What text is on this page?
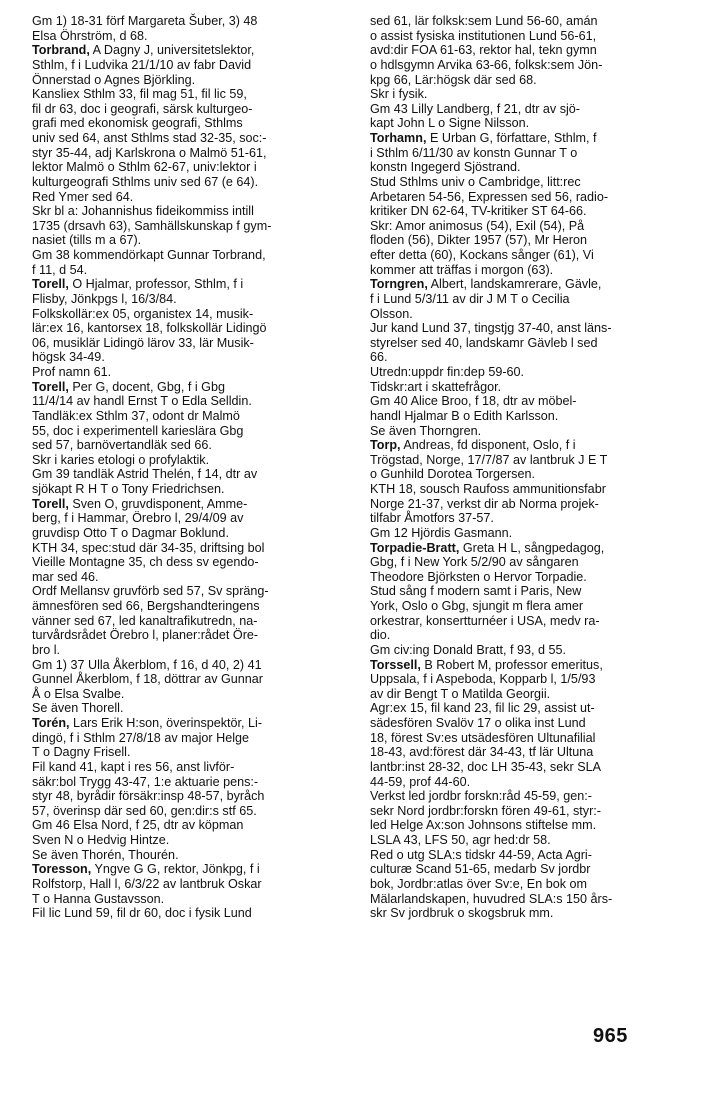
Gm 1) 18-31 förf Margareta Šuber, 3) 48
Elsa Öhrström, d 68.
Torbrand, A Dagny J, universitetslektor,
Sthlm, f i Ludvika 21/1/10 av fabr David
Önnerstad o Agnes Björkling.
Kansliex Sthlm 33, fil mag 51, fil lic 59,
fil dr 63, doc i geografi, särsk kulturgeo-
grafi med ekonomisk geografi, Sthlms
univ sed 64, anst Sthlms stad 32-35, soc:-
styr 35-44, adj Karlskrona o Malmö 51-61,
lektor Malmö o Sthlm 62-67, univ:lektor i
kulturgeografi Sthlms univ sed 67 (e 64).
Red Ymer sed 64.
Skr bl a: Johannishus fideikommiss intill
1735 (drsavh 63), Samhällskunskap f gym-
nasiet (tills m a 67).
Gm 38 kommendörkapt Gunnar Torbrand,
f 11, d 54.
Torell, O Hjalmar, professor, Sthlm, f i
Flisby, Jönkpgs l, 16/3/84.
Folkskollär:ex 05, organistex 14, musik-
lär:ex 16, kantorsex 18, folkskollär Lidingö
06, musiklär Lidingö lärov 33, lär Musik-
högsk 34-49.
Prof namn 61.
Torell, Per G, docent, Gbg, f i Gbg
11/4/14 av handl Ernst T o Edla Selldin.
Tandläk:ex Sthlm 37, odont dr Malmö
55, doc i experimentell karieslära Gbg
sed 57, barnövertandläk sed 66.
Skr i karies etologi o profylaktik.
Gm 39 tandläk Astrid Thelén, f 14, dtr av
sjökapt R H T o Tony Friedrichsen.
Torell, Sven O, gruvdisponent, Amme-
berg, f i Hammar, Örebro l, 29/4/09 av
gruvdisp Otto T o Dagmar Boklund.
KTH 34, spec:stud där 34-35, driftsing bol
Vieille Montagne 35, ch dess sv egendo-
mar sed 46.
Ordf Mellansv gruvförb sed 57, Sv spräng-
ämnesfören sed 66, Bergshandteringens
vänner sed 67, led kanaltrafikutredn, na-
turvårdsrådet Örebro l, planer:rådet Öre-
bro l.
Gm 1) 37 Ulla Åkerblom, f 16, d 40, 2) 41
Gunnel Åkerblom, f 18, döttrar av Gunnar
Å o Elsa Svalbe.
Se även Thorell.
Torén, Lars Erik H:son, överinspektör, Li-
dingö, f i Sthlm 27/8/18 av major Helge
T o Dagny Frisell.
Fil kand 41, kapt i res 56, anst livför-
säkr:bol Trygg 43-47, 1:e aktuarie pens:-
styr 48, byrådir försäkr:insp 48-57, byråch
57, överinsp där sed 60, gen:dir:s stf 65.
Gm 46 Elsa Nord, f 25, dtr av köpman
Sven N o Hedvig Hintze.
Se även Thorén, Thourén.
Toresson, Yngve G G, rektor, Jönkpg, f i
Rolfstorp, Hall l, 6/3/22 av lantbruk Oskar
T o Hanna Gustavsson.
Fil lic Lund 59, fil dr 60, doc i fysik Lund
sed 61, lär folksk:sem Lund 56-60, amán
o assist fysiska institutionen Lund 56-61,
avd:dir FOA 61-63, rektor hal, tekn gymn
o hdlsgymn Arvika 63-66, folksk:sem Jön-
kpg 66, Lär:högsk där sed 68.
Skr i fysik.
Gm 43 Lilly Landberg, f 21, dtr av sjö-
kapt John L o Signe Nilsson.
Torhamn, E Urban G, författare, Sthlm, f
i Sthlm 6/11/30 av konstn Gunnar T o
konstn Ingegerd Sjöstrand.
Stud Sthlms univ o Cambridge, litt:rec
Arbetaren 54-56, Expressen sed 56, radio-
kritiker DN 62-64, TV-kritiker ST 64-66.
Skr: Amor animosus (54), Exil (54), På
floden (56), Dikter 1957 (57), Mr Heron
efter detta (60), Kockans sånger (61), Vi
kommer att träffas i morgon (63).
Torngren, Albert, landskamrerare, Gävle,
f i Lund 5/3/11 av dir J M T o Cecilia
Olsson.
Jur kand Lund 37, tingstjg 37-40, anst läns-
styrelser sed 40, landskamr Gävleb l sed
66.
Utredn:uppdr fin:dep 59-60.
Tidskr:art i skattefrågor.
Gm 40 Alice Broo, f 18, dtr av möbel-
handl Hjalmar B o Edith Karlsson.
Se även Thorngren.
Torp, Andreas, fd disponent, Oslo, f i
Trögstad, Norge, 17/7/87 av lantbruk J E T
o Gunhild Dorotea Torgersen.
KTH 18, sousch Raufoss ammunitionsfabr
Norge 21-37, verkst dir ab Norma projek-
tilfabr Åmotfors 37-57.
Gm 12 Hjördis Gasmann.
Torpadie-Bratt, Greta H L, sångpedagog,
Gbg, f i New York 5/2/90 av sångaren
Theodore Björksten o Hervor Torpadie.
Stud sång f modern samt i Paris, New
York, Oslo o Gbg, sjungit m flera amer
orkestrar, konsertturnéer i USA, medv ra-
dio.
Gm civ:ing Donald Bratt, f 93, d 55.
Torssell, B Robert M, professor emeritus,
Uppsala, f i Aspeboda, Kopparb l, 1/5/93
av dir Bengt T o Matilda Georgii.
Agr:ex 15, fil kand 23, fil lic 29, assist ut-
sädesfören Svalöv 17 o olika inst Lund
18, förest Sv:es utsädesfören Ultunafilial
18-43, avd:förest där 34-43, tf lär Ultuna
lantbr:inst 28-32, doc LH 35-43, sekr SLA
44-59, prof 44-60.
Verkst led jordbr forskn:råd 45-59, gen:-
sekr Nord jordbr:forskn fören 49-61, styr:-
led Helge Ax:son Johnsons stiftelse mm.
LSLA 43, LFS 50, agr hed:dr 58.
Red o utg SLA:s tidskr 44-59, Acta Agri-
culturæ Scand 51-65, medarb Sv jordbr
bok, Jordbr:atlas över Sv:e, En bok om
Mälarlandskapen, huvudred SLA:s 150 års-
skr Sv jordbruk o skogsbruk mm.
965
